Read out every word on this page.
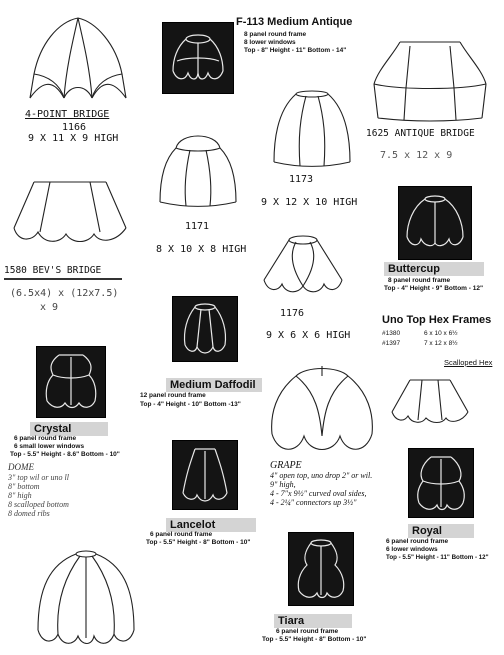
4-POINT BRIDGE
1166
9 X 11 X 9 HIGH
F-113 Medium Antique
8 panel round frame
8 lower windows
Top - 8" Height - 11" Bottom - 14"
1625 ANTIQUE BRIDGE
7.5 x 12 x 9
1173
9 X 12 X 10 HIGH
1171
8 X 10 X 8 HIGH
1580 BEV'S BRIDGE
(6.5x4) x (12x7.5)
x 9
Buttercup
8 panel round frame
Top - 4" Height - 9" Bottom - 12"
1176
9 X 6 X 6 HIGH
Uno Top Hex Frames
#1380	6 x 10 x 6½
#1397	7 x 12 x 8½
Scalloped Hex
Medium Daffodil
12 panel round frame
Top - 4" Height - 10" Bottom -13"
Crystal
6 panel round frame
6 small lower windows
Top - 5.5" Height - 8.6" Bottom - 10"
GRAPE
4" open top, uno drop 2" or wil.
9" high,
4 - 7"x 9½" curved oval sides,
4 - 2¼" connectors up 3½"
DOME
3" top wil or uno ll
8" bottom
8" high
8 scalloped bottom
8 domed ribs
Lancelot
6 panel round frame
Top - 5.5" Height - 8" Bottom - 10"
Royal
6 panel round frame
6 lower windows
Top - 5.5" Height - 11" Bottom - 12"
Tiara
6 panel round frame
Top - 5.5" Height - 8" Bottom - 10"
